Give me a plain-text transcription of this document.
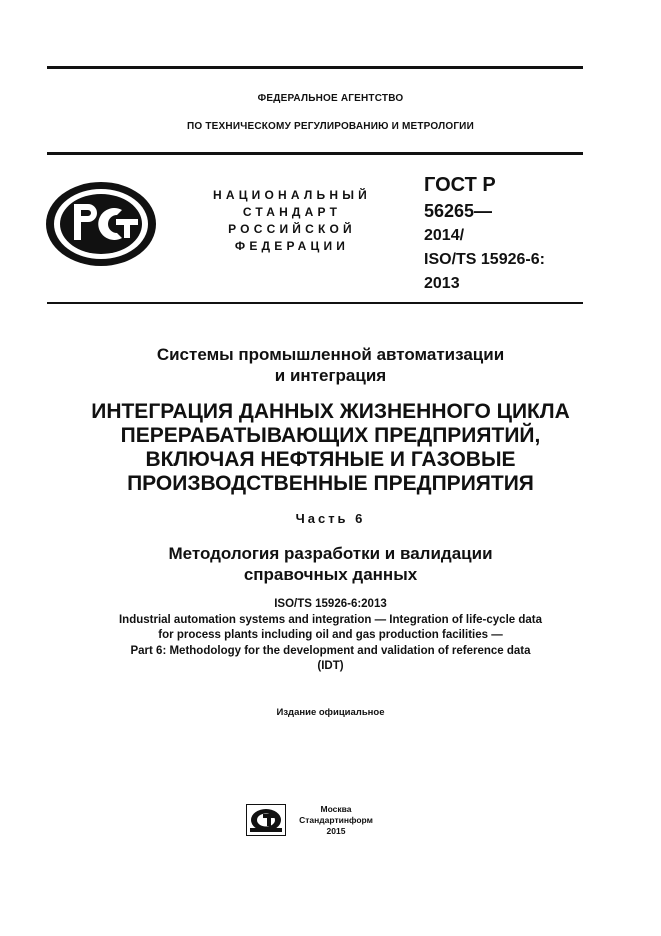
ФЕДЕРАЛЬНОЕ АГЕНТСТВО
ПО ТЕХНИЧЕСКОМУ РЕГУЛИРОВАНИЮ И МЕТРОЛОГИИ
НАЦИОНАЛЬНЫЙ
СТАНДАРТ
РОССИЙСКОЙ
ФЕДЕРАЦИИ
ГОСТ Р
56265—
2014/
ISO/TS 15926-6:
2013
Системы промышленной автоматизации
и интеграция
ИНТЕГРАЦИЯ ДАННЫХ ЖИЗНЕННОГО ЦИКЛА
ПЕРЕРАБАТЫВАЮЩИХ ПРЕДПРИЯТИЙ,
ВКЛЮЧАЯ НЕФТЯНЫЕ И ГАЗОВЫЕ
ПРОИЗВОДСТВЕННЫЕ ПРЕДПРИЯТИЯ
Часть 6
Методология разработки и валидации
справочных данных
ISO/TS 15926-6:2013
Industrial automation systems and integration — Integration of life-cycle data
for process plants including oil and gas production facilities —
Part 6: Methodology for the development and validation of reference data
(IDT)
Издание официальное
Москва
Стандартинформ
2015
